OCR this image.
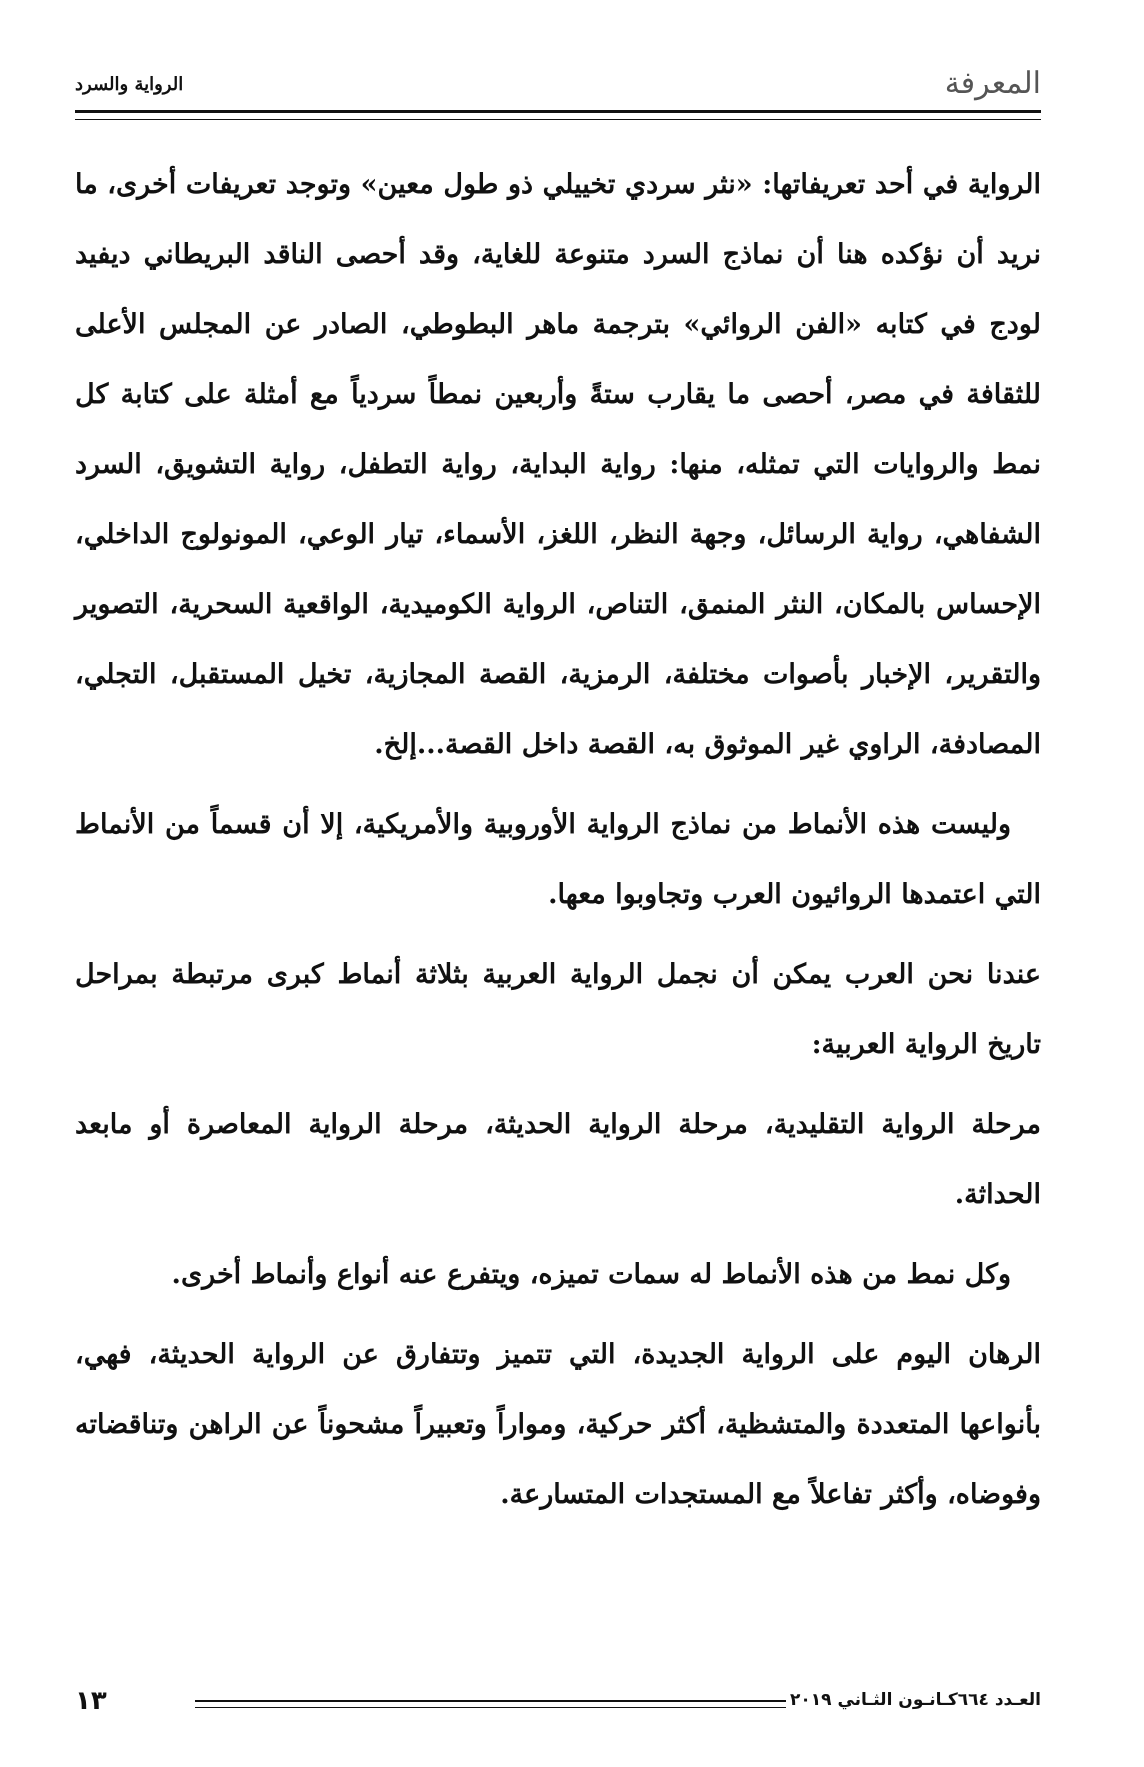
المعرفة
الرواية والسرد

الرواية في أحد تعريفاتها: «نثر سردي تخييلي ذو طول معين» وتوجد تعريفات أخرى، ما نريد أن نؤكده هنا أن نماذج السرد متنوعة للغاية، وقد أحصى الناقد البريطاني ديفيد لودج في كتابه «الفن الروائي» بترجمة ماهر البطوطي، الصادر عن المجلس الأعلى للثقافة في مصر، أحصى ما يقارب ستةً وأربعين نمطاً سردياً مع أمثلة على كتابة كل نمط والروايات التي تمثله، منها: رواية البداية، رواية التطفل، رواية التشويق، السرد الشفاهي، رواية الرسائل، وجهة النظر، اللغز، الأسماء، تيار الوعي، المونولوج الداخلي، الإحساس بالمكان، النثر المنمق، التناص، الرواية الكوميدية، الواقعية السحرية، التصوير والتقرير، الإخبار بأصوات مختلفة، الرمزية، القصة المجازية، تخيل المستقبل، التجلي، المصادفة، الراوي غير الموثوق به، القصة داخل القصة...إلخ.

وليست هذه الأنماط من نماذج الرواية الأوروبية والأمريكية، إلا أن قسماً من الأنماط التي اعتمدها الروائيون العرب وتجاوبوا معها.

عندنا نحن العرب يمكن أن نجمل الرواية العربية بثلاثة أنماط كبرى مرتبطة بمراحل تاريخ الرواية العربية:

مرحلة الرواية التقليدية، مرحلة الرواية الحديثة، مرحلة الرواية المعاصرة أو مابعد الحداثة.

وكل نمط من هذه الأنماط له سمات تميزه، ويتفرع عنه أنواع وأنماط أخرى.

الرهان اليوم على الرواية الجديدة، التي تتميز وتتفارق عن الرواية الحديثة، فهي، بأنواعها المتعددة والمتشظية، أكثر حركية، ومواراً وتعبيراً مشحوناً عن الراهن وتناقضاته وفوضاه، وأكثر تفاعلاً مع المستجدات المتسارعة.

العـدد ٦٦٤كـانـون الثـاني ٢٠١٩
١٣
